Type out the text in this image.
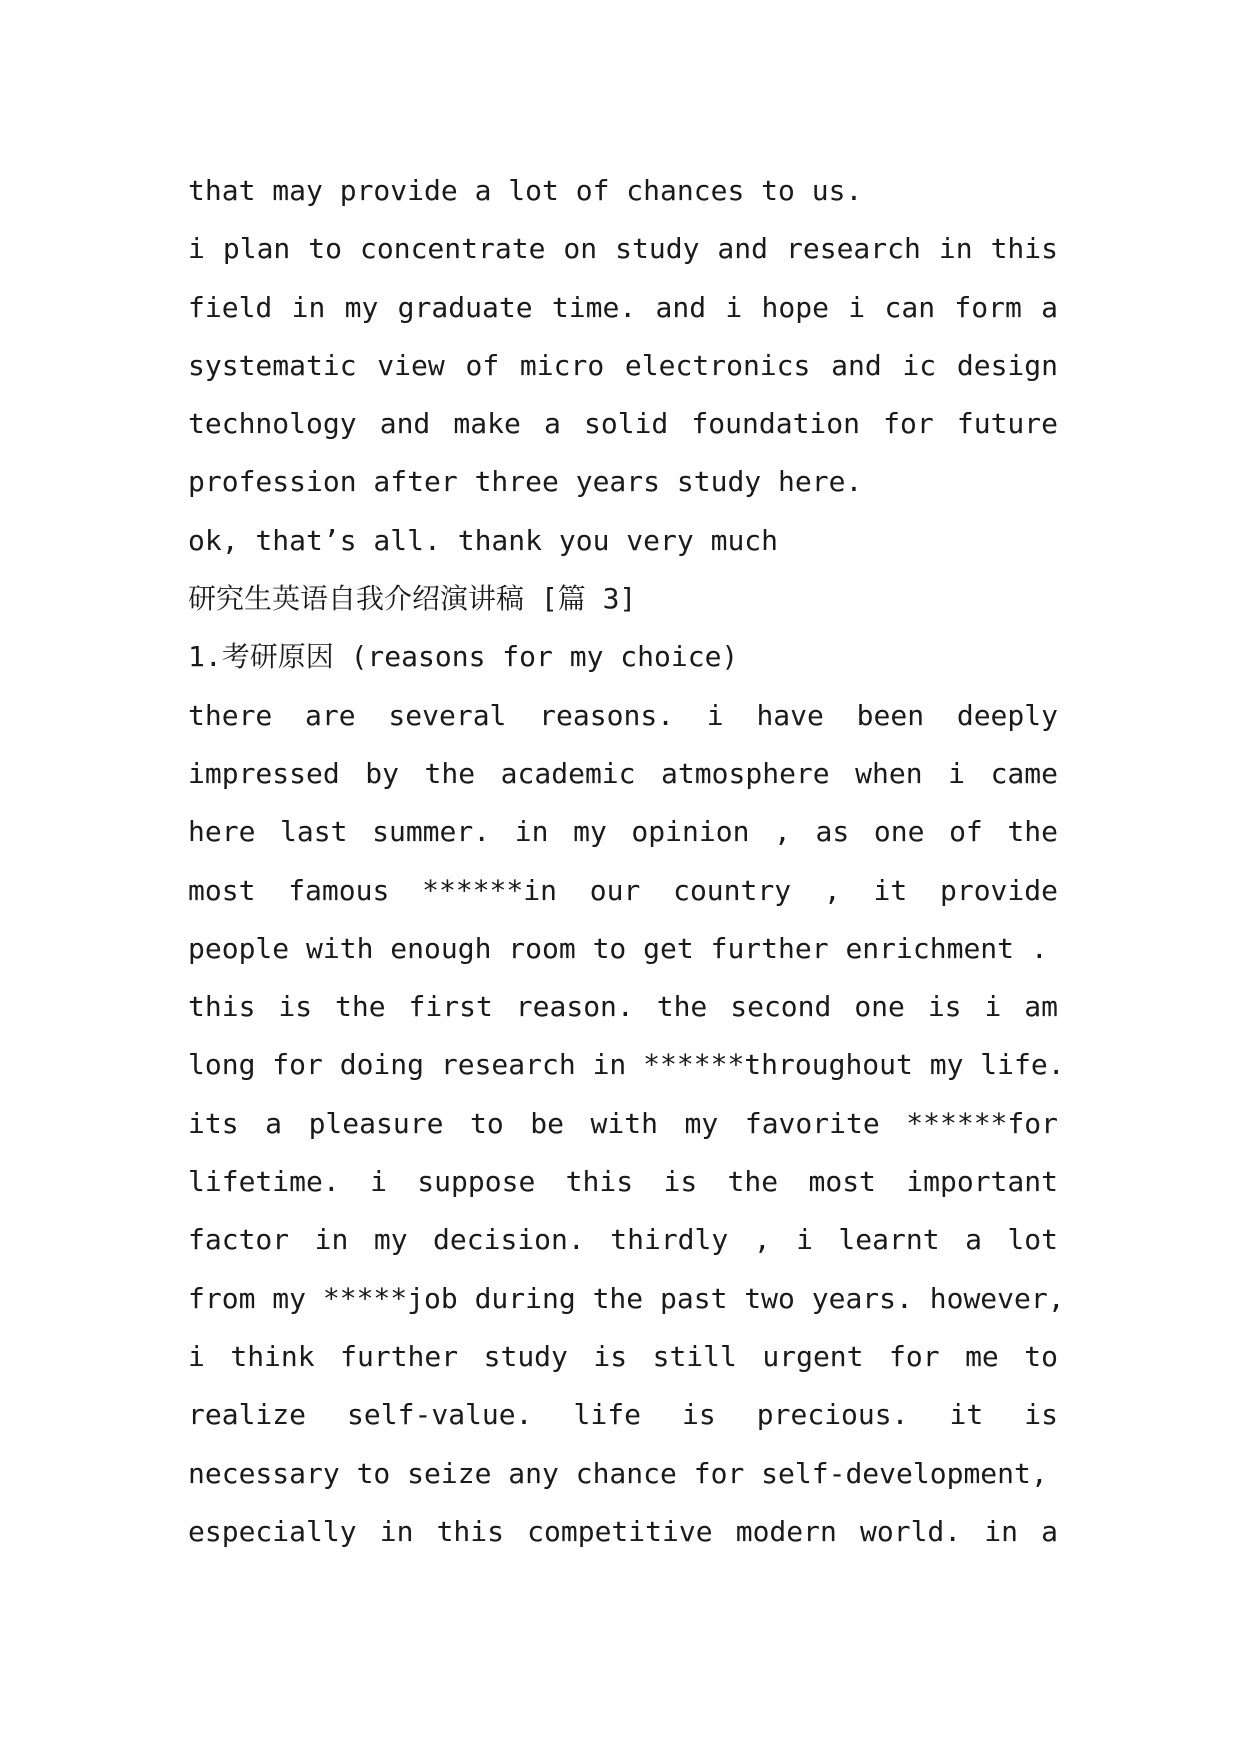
that may provide a lot of chances to us.
i plan to concentrate on study and research in this
field in my graduate time. and i hope i can form a
systematic view of micro electronics and ic design
technology and make a solid foundation for future
profession after three years study here.
ok, that’s all. thank you very much
研究生英语自我介绍演讲稿 [篇 3]
1.考研原因 (reasons for my choice)
there are several reasons. i have been deeply
impressed by the academic atmosphere when i came
here last summer. in my opinion , as one of the
most famous ******in our country , it provide
people with enough room to get further enrichment .
this is the first reason. the second one is i am
long for doing research in ******throughout my life.
its a pleasure to be with my favorite ******for
lifetime. i suppose this is the most important
factor in my decision. thirdly , i learnt a lot
from my *****job during the past two years. however,
i think further study is still urgent for me to
realize self-value. life is precious. it is
necessary to seize any chance for self-development,
especially in this competitive modern world. in a
